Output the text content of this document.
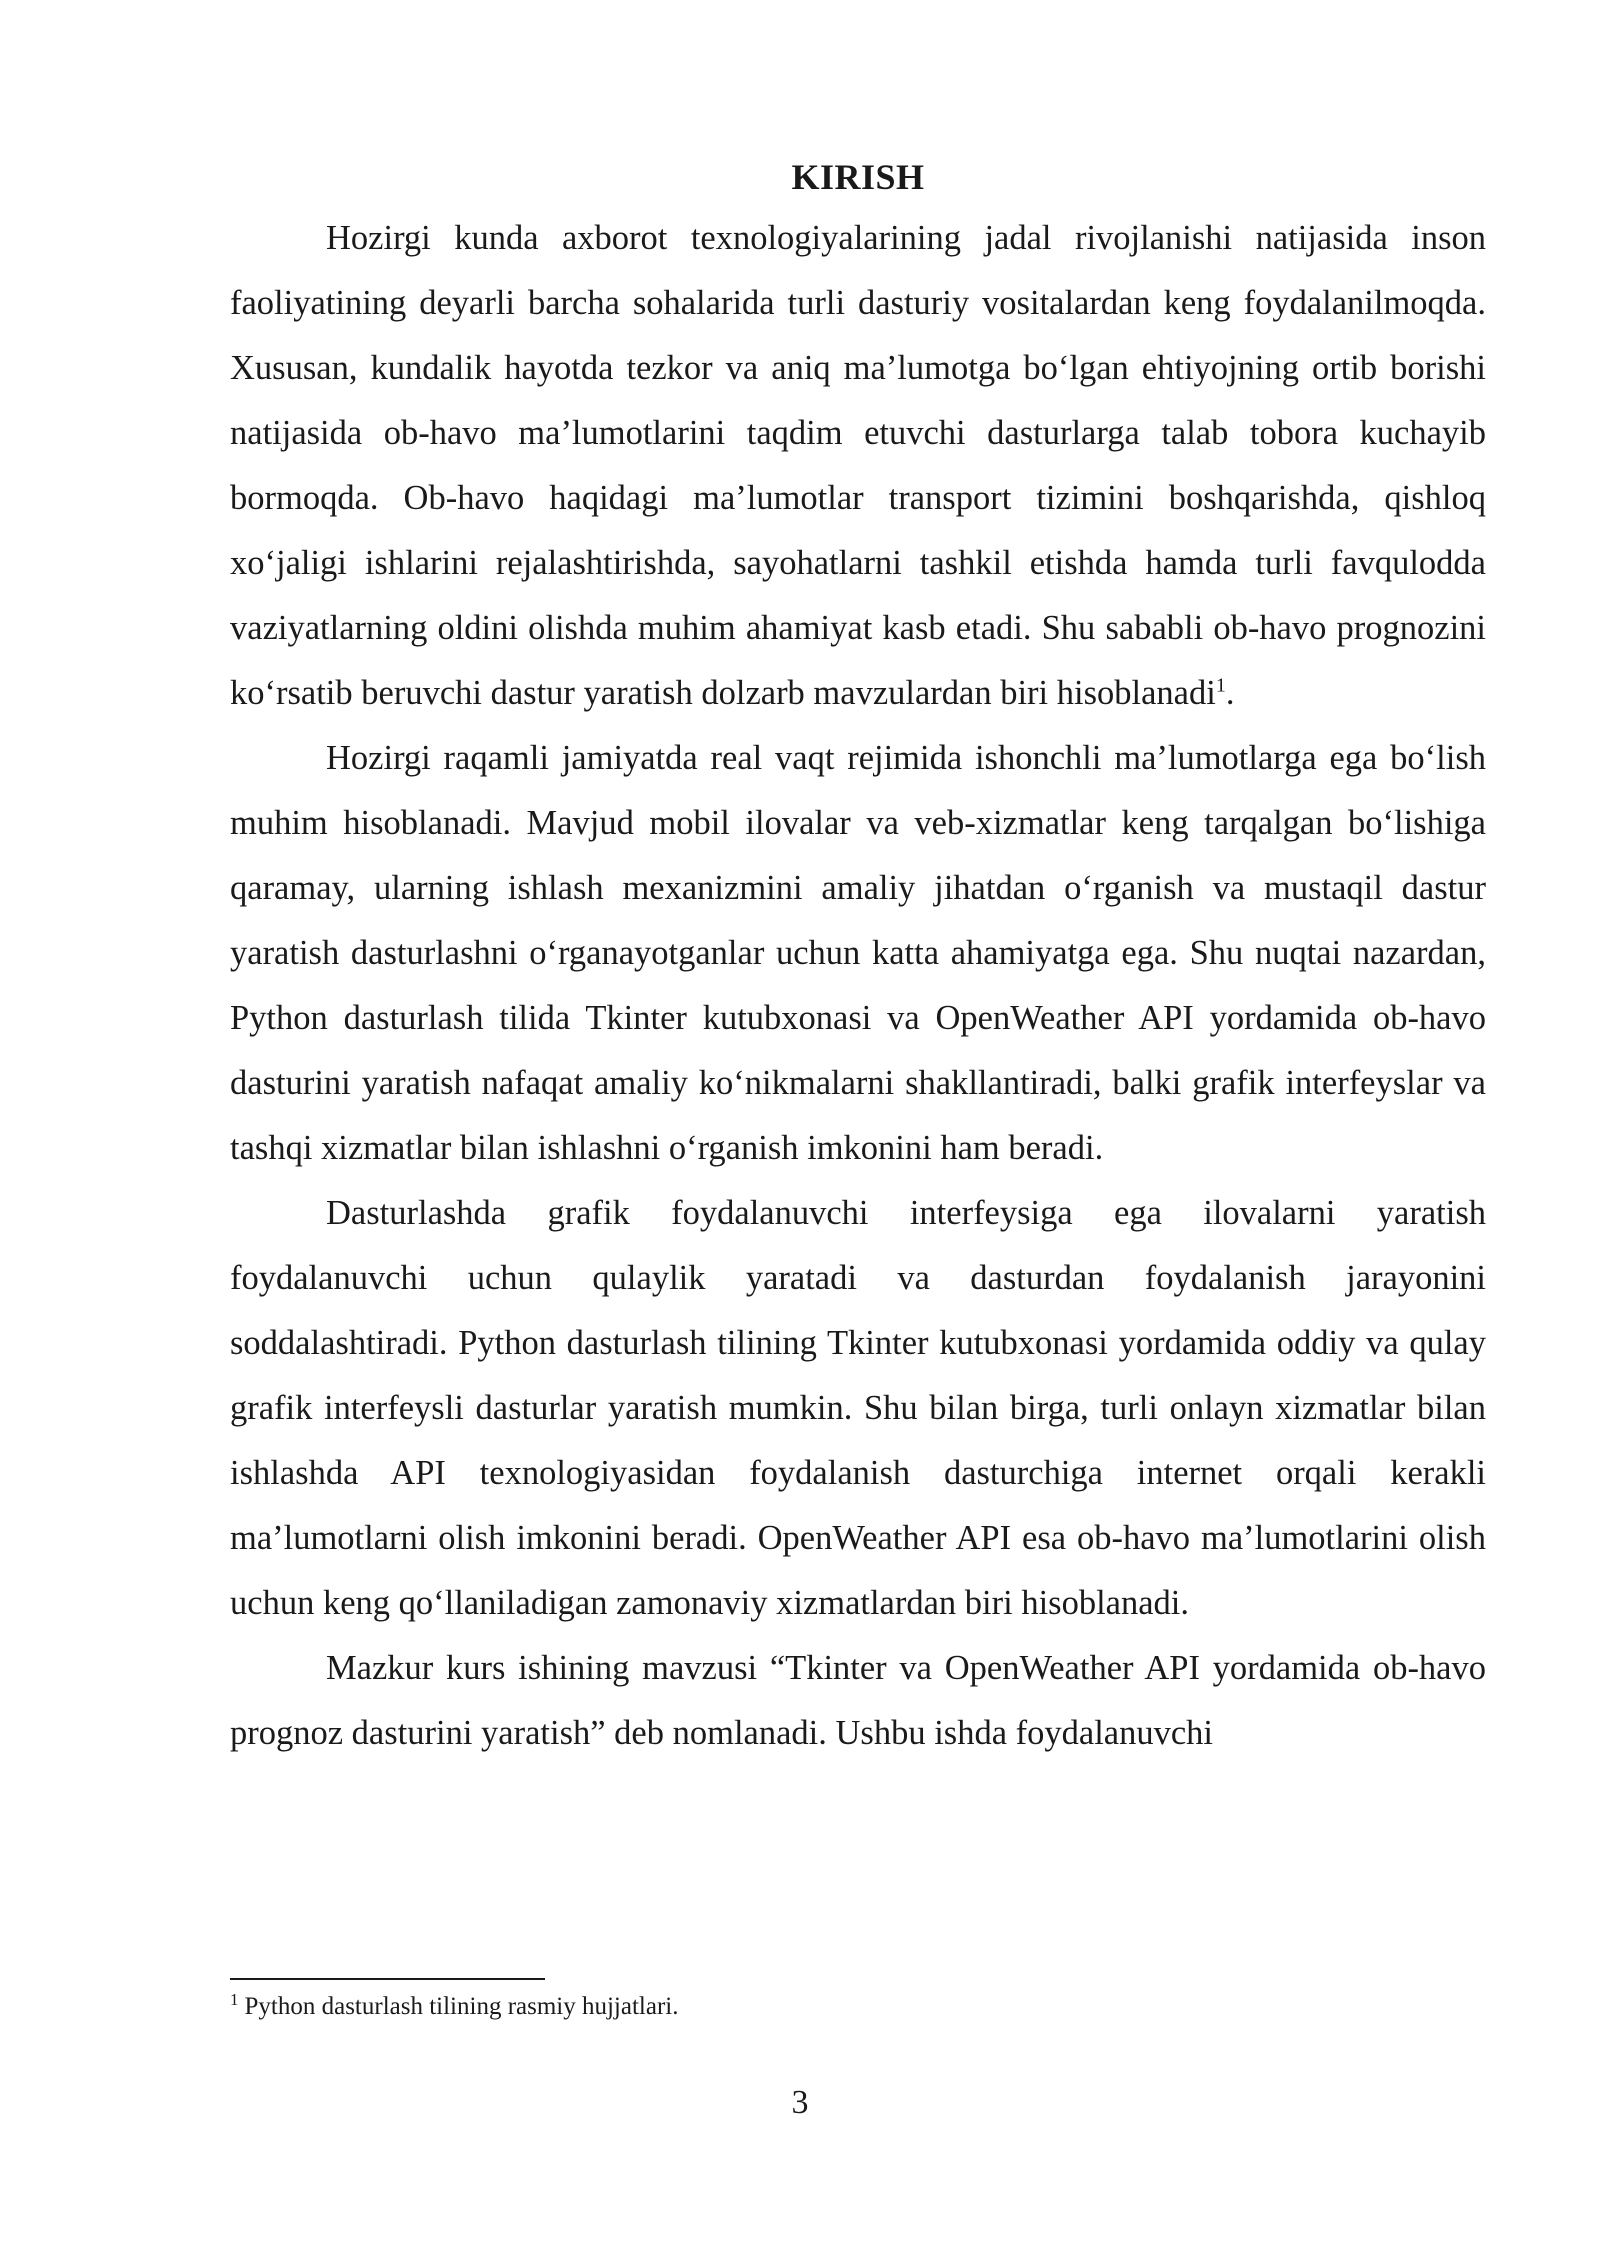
KIRISH

Hozirgi kunda axborot texnologiyalarining jadal rivojlanishi natijasida inson faoliyatining deyarli barcha sohalarida turli dasturiy vositalardan keng foydalanilmoqda. Xususan, kundalik hayotda tezkor va aniq ma’lumotga bo‘lgan ehtiyojning ortib borishi natijasida ob-havo ma’lumotlarini taqdim etuvchi dasturlarga talab tobora kuchayib bormoqda. Ob-havo haqidagi ma’lumotlar transport tizimini boshqarishda, qishloq xo‘jaligi ishlarini rejalashtirishda, sayohatlarni tashkil etishda hamda turli favqulodda vaziyatlarning oldini olishda muhim ahamiyat kasb etadi. Shu sababli ob-havo prognozini ko‘rsatib beruvchi dastur yaratish dolzarb mavzulardan biri hisoblanadi$^1$.

Hozirgi raqamli jamiyatda real vaqt rejimida ishonchli ma’lumotlarga ega bo‘lish muhim hisoblanadi. Mavjud mobil ilovalar va veb-xizmatlar keng tarqalgan bo‘lishiga qaramay, ularning ishlash mexanizmini amaliy jihatdan o‘rganish va mustaqil dastur yaratish dasturlashni o‘rganayotganlar uchun katta ahamiyatga ega. Shu nuqtai nazardan, Python dasturlash tilida Tkinter kutubxonasi va OpenWeather API yordamida ob-havo dasturini yaratish nafaqat amaliy ko‘nikmalarni shakllantiradi, balki grafik interfeyslar va tashqi xizmatlar bilan ishlashni o‘rganish imkonini ham beradi.

Dasturlashda grafik foydalanuvchi interfeysiga ega ilovalarni yaratish foydalanuvchi uchun qulaylik yaratadi va dasturdan foydalanish jarayonini soddalashtiradi. Python dasturlash tilining Tkinter kutubxonasi yordamida oddiy va qulay grafik interfeysli dasturlar yaratish mumkin. Shu bilan birga, turli onlayn xizmatlar bilan ishlashda API texnologiyasidan foydalanish dasturchiga internet orqali kerakli ma’lumotlarni olish imkonini beradi. OpenWeather API esa ob-havo ma’lumotlarini olish uchun keng qo‘llaniladigan zamonaviy xizmatlardan biri hisoblanadi.

Mazkur kurs ishining mavzusi “Tkinter va OpenWeather API yordamida ob-havo prognoz dasturini yaratish” deb nomlanadi. Ushbu ishda foydalanuvchi

$^1$ Python dasturlash tilining rasmiy hujjatlari.
3
